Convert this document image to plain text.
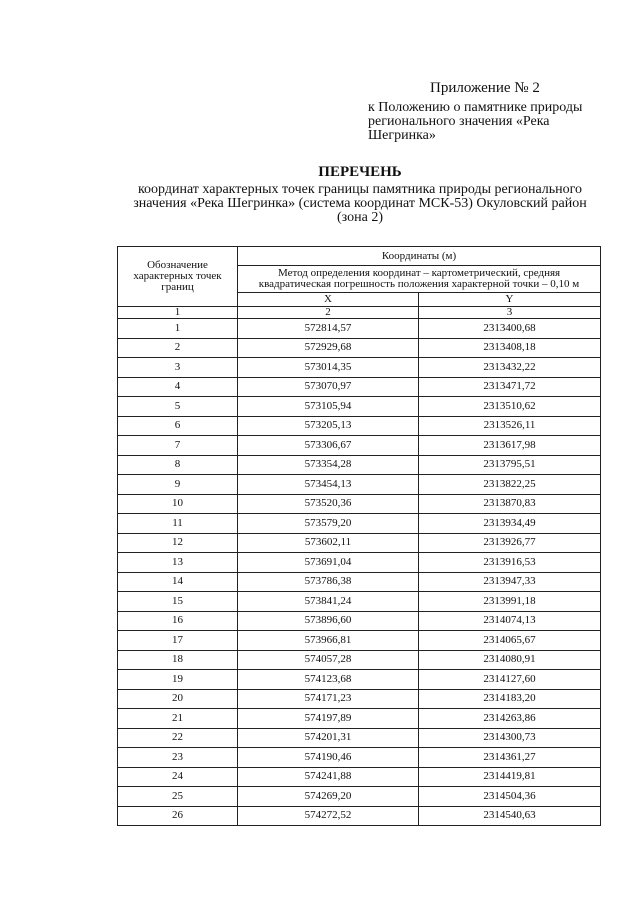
Приложение № 2
к Положению о памятнике природы регионального значения «Река Шегринка»
ПЕРЕЧЕНЬ
координат характерных точек границы памятника природы регионального значения «Река Шегринка» (система координат МСК-53) Окуловский район (зона 2)
Обозначение характерных точек границ	Координаты (м)	
	Метод определения координат – картометрический, средняя квадратическая погрешность положения характерной точки – 0,10 м	
	X	Y
1	2	3
1	572814,57	2313400,68
2	572929,68	2313408,18
3	573014,35	2313432,22
4	573070,97	2313471,72
5	573105,94	2313510,62
6	573205,13	2313526,11
7	573306,67	2313617,98
8	573354,28	2313795,51
9	573454,13	2313822,25
10	573520,36	2313870,83
11	573579,20	2313934,49
12	573602,11	2313926,77
13	573691,04	2313916,53
14	573786,38	2313947,33
15	573841,24	2313991,18
16	573896,60	2314074,13
17	573966,81	2314065,67
18	574057,28	2314080,91
19	574123,68	2314127,60
20	574171,23	2314183,20
21	574197,89	2314263,86
22	574201,31	2314300,73
23	574190,46	2314361,27
24	574241,88	2314419,81
25	574269,20	2314504,36
26	574272,52	2314540,63
